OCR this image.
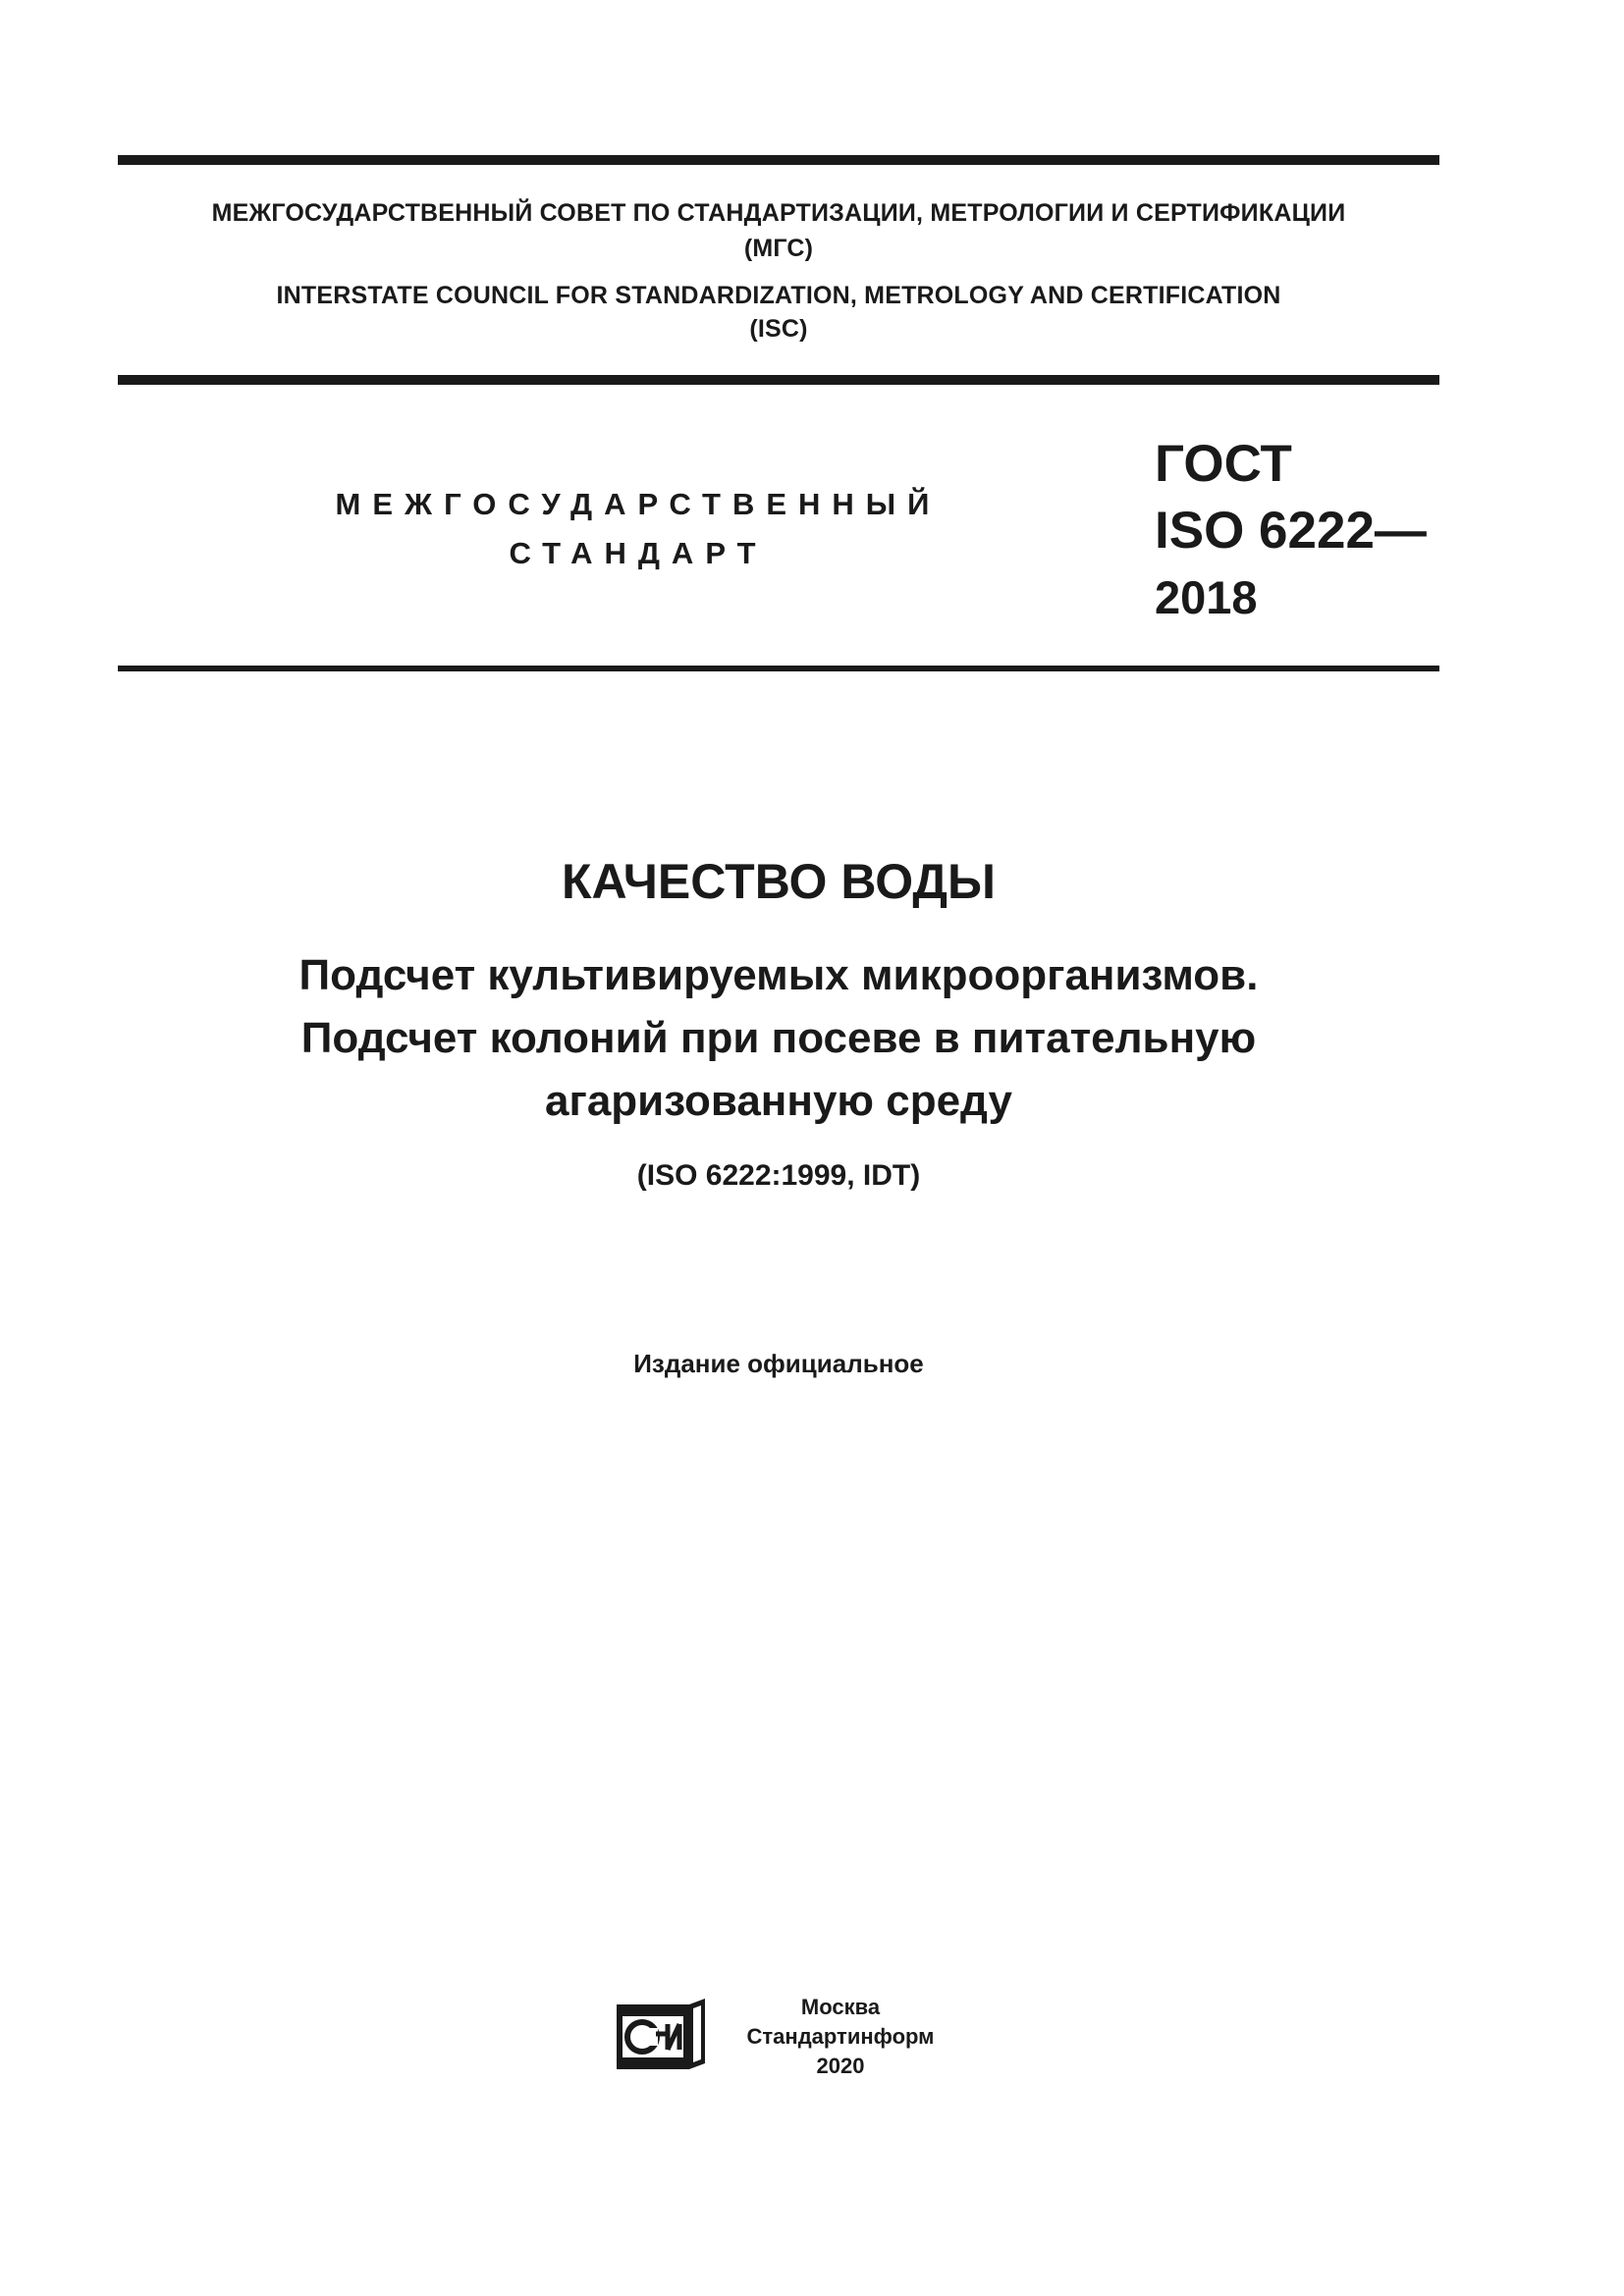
МЕЖГОСУДАРСТВЕННЫЙ СОВЕТ ПО СТАНДАРТИЗАЦИИ, МЕТРОЛОГИИ И СЕРТИФИКАЦИИ
(МГС)
INTERSTATE COUNCIL FOR STANDARDIZATION, METROLOGY AND CERTIFICATION
(ISC)
МЕЖГОСУДАРСТВЕННЫЙ
СТАНДАРТ
ГОСТ
ISO 6222—
2018
КАЧЕСТВО ВОДЫ
Подсчет культивируемых микроорганизмов.
Подсчет колоний при посеве в питательную
агаризованную среду
(ISO 6222:1999, IDT)
Издание официальное
Москва
Стандартинформ
2020
